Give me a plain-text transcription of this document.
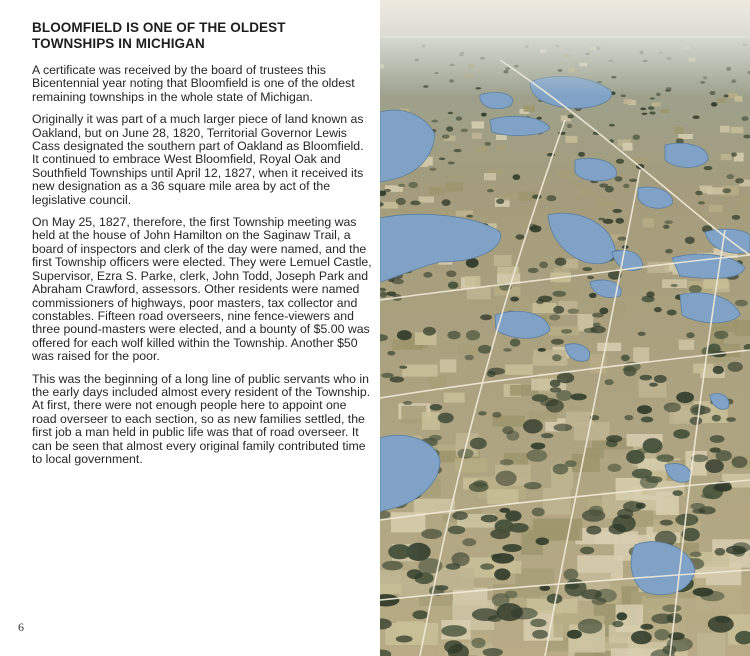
BLOOMFIELD IS ONE OF THE OLDEST
TOWNSHIPS IN MICHIGAN

A certificate was received by the board of trustees this Bicentennial year noting that Bloomfield is one of the oldest remaining townships in the whole state of Michigan.

Originally it was part of a much larger piece of land known as Oakland, but on June 28, 1820, Territorial Governor Lewis Cass designated the southern part of Oakland as Bloomfield. It continued to embrace West Bloomfield, Royal Oak and Southfield Townships until April 12, 1827, when it received its new designation as a 36 square mile area by act of the legislative council.

On May 25, 1827, therefore, the first Township meeting was held at the house of John Hamilton on the Saginaw Trail, a board of inspectors and clerk of the day were named, and the first Township officers were elected. They were Lemuel Castle, Supervisor, Ezra S. Parke, clerk, John Todd, Joseph Park and Abraham Crawford, assessors. Other residents were named commissioners of highways, poor masters, tax collector and constables. Fifteen road overseers, nine fence-viewers and three pound-masters were elected, and a bounty of $5.00 was offered for each wolf killed within the Township. Another $50 was raised for the poor.

This was the beginning of a long line of public servants who in the early days included almost every resident of the Township. At first, there were not enough people here to appoint one road overseer to each section, so as new families settled, the first job a man held in public life was that of road overseer. It can be seen that almost every original family contributed time to local government.

6
